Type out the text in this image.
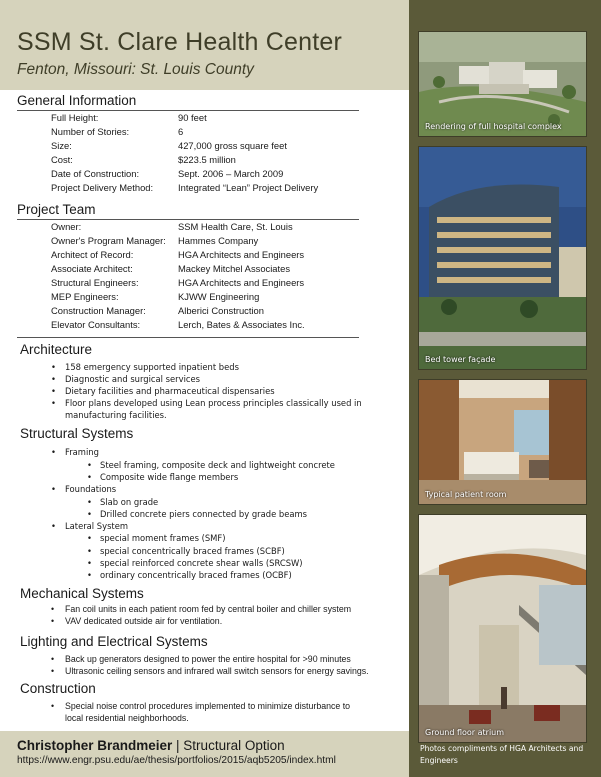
SSM St. Clare Health Center
Fenton, Missouri: St. Louis County
General Information
Full Height:	90 feet
Number of Stories:	6
Size:	427,000 gross square feet
Cost:	$223.5 million
Date of Construction:	Sept. 2006 – March 2009
Project Delivery Method:	Integrated “Lean” Project Delivery
Project Team
Owner:	SSM Health Care, St. Louis
Owner's Program Manager: Hammes Company
Architect of Record:	HGA Architects and Engineers
Associate Architect:	Mackey Mitchel Associates
Structural Engineers:	HGA Architects and Engineers
MEP Engineers:	KJWW Engineering
Construction Manager:	Alberici Construction
Elevator Consultants:	Lerch, Bates & Associates Inc.
Architecture
• 158 emergency supported inpatient beds
• Diagnostic and surgical services
• Dietary facilities and pharmaceutical dispensaries
• Floor plans developed using Lean process principles classically used in
manufacturing facilities.
Structural Systems
• Framing
• Steel framing, composite deck and lightweight concrete
• Composite wide flange members
• Foundations
• Slab on grade
• Drilled concrete piers connected by grade beams
• Lateral System
• special moment frames (SMF)
• special concentrically braced frames (SCBF)
• special reinforced concrete shear walls (SRCSW)
• ordinary concentrically braced frames (OCBF)
Mechanical Systems
• Fan coil units in each patient room fed by central boiler and chiller system
• VAV dedicated outside air for ventilation.
Lighting and Electrical Systems
• Back up generators designed to power the entire hospital for >90 minutes
• Ultrasonic ceiling sensors and infrared wall switch sensors for energy savings.
Construction
• Special noise control procedures implemented to minimize disturbance to
local residential neighborhoods.
Christopher Brandmeier | Structural Option
https://www.engr.psu.edu/ae/thesis/portfolios/2015/aqb5205/index.html
Rendering of full hospital complex
Bed tower façade
Typical patient room
Ground floor atrium
Photos compliments of HGA Architects and Engineers
